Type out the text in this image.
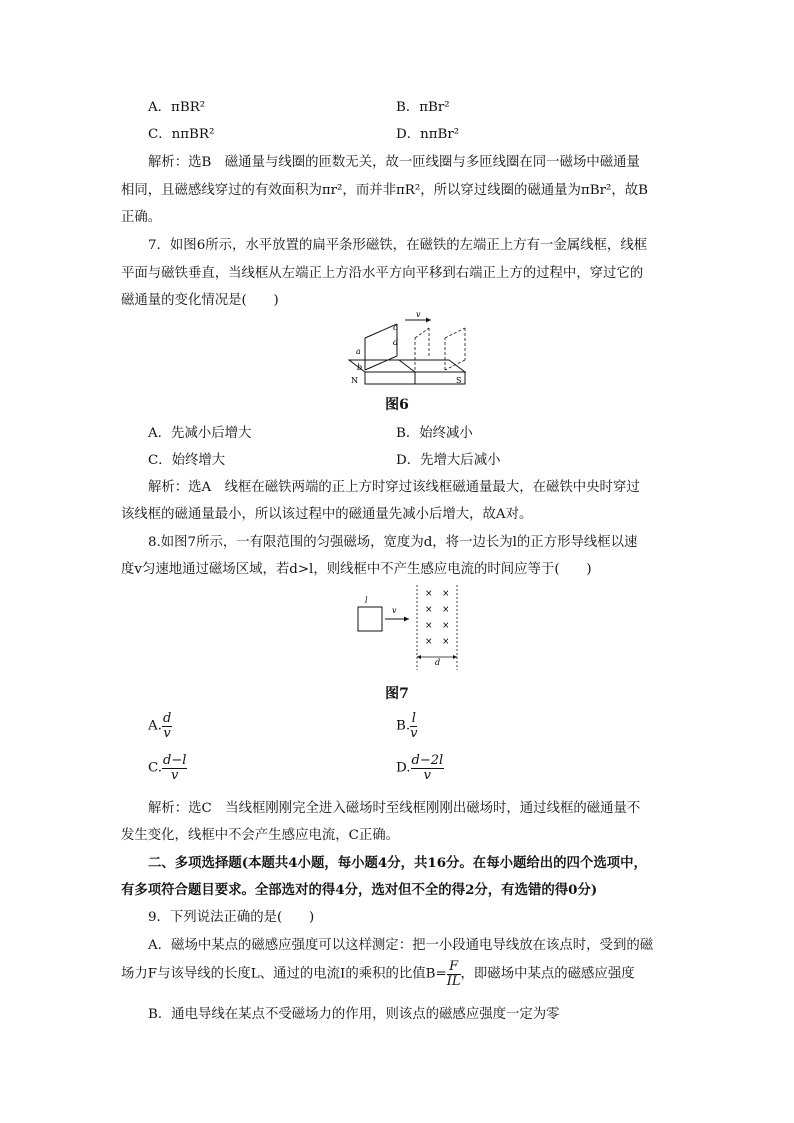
A．πBR²	B．πBr²
C．nπBR²	D．nπBr²
解析：选B　磁通量与线圈的匝数无关，故一匝线圈与多匝线圈在同一磁场中磁通量
相同，且磁感线穿过的有效面积为πr²，而并非πR²，所以穿过线圈的磁通量为πBr²，故B
正确。
7．如图6所示，水平放置的扁平条形磁铁，在磁铁的左端正上方有一金属线框，线框
平面与磁铁垂直，当线框从左端正上方沿水平方向平移到右端正上方的过程中，穿过它的
磁通量的变化情况是(　　)
v
c
d
a
b
N	S
图6
A．先减小后增大	B．始终减小
C．始终增大	D．先增大后减小
解析：选A　线框在磁铁两端的正上方时穿过该线框磁通量最大，在磁铁中央时穿过
该线框的磁通量最小，所以该过程中的磁通量先减小后增大，故A对。
8.如图7所示，一有限范围的匀强磁场，宽度为d，将一边长为l的正方形导线框以速
度v匀速地通过磁场区域，若d>l，则线框中不产生感应电流的时间应等于(　　)
l
v
× ×
× ×
× ×
× ×
d
图7
A. $\frac{d}{v}$	B. $\frac{l}{v}$
C. $\frac{d-l}{v}$	D. $\frac{d-2l}{v}$
解析：选C　当线框刚刚完全进入磁场时至线框刚刚出磁场时，通过线框的磁通量不
发生变化，线框中不会产生感应电流，C正确。
二、多项选择题(本题共4小题，每小题4分，共16分。在每小题给出的四个选项中，
有多项符合题目要求。全部选对的得4分，选对但不全的得2分，有选错的得0分)
9．下列说法正确的是(　　)
A．磁场中某点的磁感应强度可以这样测定：把一小段通电导线放在该点时，受到的磁
场力F与该导线的长度L、通过的电流I的乘积的比值$B= \frac{F}{IL}$ ，即磁场中某点的磁感应强度
B．通电导线在某点不受磁场力的作用，则该点的磁感应强度一定为零
